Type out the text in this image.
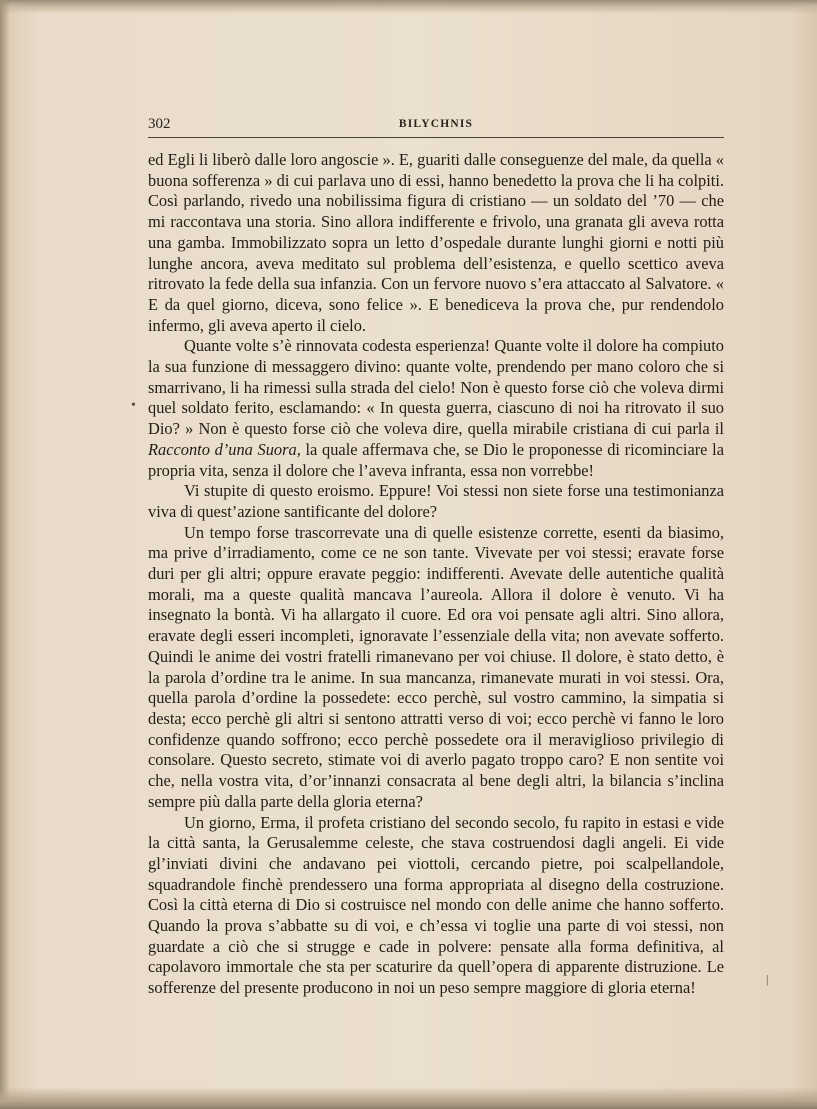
302	BILYCHNIS

ed Egli li liberò dalle loro angoscie ». E, guariti dalle conseguenze del male, da quella « buona sofferenza » di cui parlava uno di essi, hanno benedetto la prova che li ha colpiti. Così parlando, rivedo una nobilissima figura di cristiano — un soldato del ’70 — che mi raccontava una storia. Sino allora indifferente e frivolo, una granata gli aveva rotta una gamba. Immobilizzato sopra un letto d’ospedale durante lunghi giorni e notti più lunghe ancora, aveva meditato sul problema dell’esistenza, e quello scettico aveva ritrovato la fede della sua infanzia. Con un fervore nuovo s’era attaccato al Salvatore. « E da quel giorno, diceva, sono felice ». E benediceva la prova che, pur rendendolo infermo, gli aveva aperto il cielo.

Quante volte s’è rinnovata codesta esperienza! Quante volte il dolore ha compiuto la sua funzione di messaggero divino: quante volte, prendendo per mano coloro che si smarrivano, li ha rimessi sulla strada del cielo! Non è questo forse ciò che voleva dirmi quel soldato ferito, esclamando: « In questa guerra, ciascuno di noi ha ritrovato il suo Dio? » Non è questo forse ciò che voleva dire, quella mirabile cristiana di cui parla il Racconto d’una Suora, la quale affermava che, se Dio le proponesse di ricominciare la propria vita, senza il dolore che l’aveva infranta, essa non vorrebbe!

Vi stupite di questo eroismo. Eppure! Voi stessi non siete forse una testimonianza viva di quest’azione santificante del dolore?

Un tempo forse trascorrevate una di quelle esistenze corrette, esenti da biasimo, ma prive d’irradiamento, come ce ne son tante. Vivevate per voi stessi; eravate forse duri per gli altri; oppure eravate peggio: indifferenti. Avevate delle autentiche qualità morali, ma a queste qualità mancava l’aureola. Allora il dolore è venuto. Vi ha insegnato la bontà. Vi ha allargato il cuore. Ed ora voi pensate agli altri. Sino allora, eravate degli esseri incompleti, ignoravate l’essenziale della vita; non avevate sofferto. Quindi le anime dei vostri fratelli rimanevano per voi chiuse. Il dolore, è stato detto, è la parola d’ordine tra le anime. In sua mancanza, rimanevate murati in voi stessi. Ora, quella parola d’ordine la possedete: ecco perchè, sul vostro cammino, la simpatia si desta; ecco perchè gli altri si sentono attratti verso di voi; ecco perchè vi fanno le loro confidenze quando soffrono; ecco perchè possedete ora il meraviglioso privilegio di consolare. Questo secreto, stimate voi di averlo pagato troppo caro? E non sentite voi che, nella vostra vita, d’or’innanzi consacrata al bene degli altri, la bilancia s’inclina sempre più dalla parte della gloria eterna?

Un giorno, Erma, il profeta cristiano del secondo secolo, fu rapito in estasi e vide la città santa, la Gerusalemme celeste, che stava costruendosi dagli angeli. Ei vide gl’inviati divini che andavano pei viottoli, cercando pietre, poi scalpellandole, squadrandole finchè prendessero una forma appropriata al disegno della costruzione. Così la città eterna di Dio si costruisce nel mondo con delle anime che hanno sofferto. Quando la prova s’abbatte su di voi, e ch’essa vi toglie una parte di voi stessi, non guardate a ciò che si strugge e cade in polvere: pensate alla forma definitiva, al capolavoro immortale che sta per scaturire da quell’opera di apparente distruzione. Le sofferenze del presente producono in noi un peso sempre maggiore di gloria eterna!

•
|
